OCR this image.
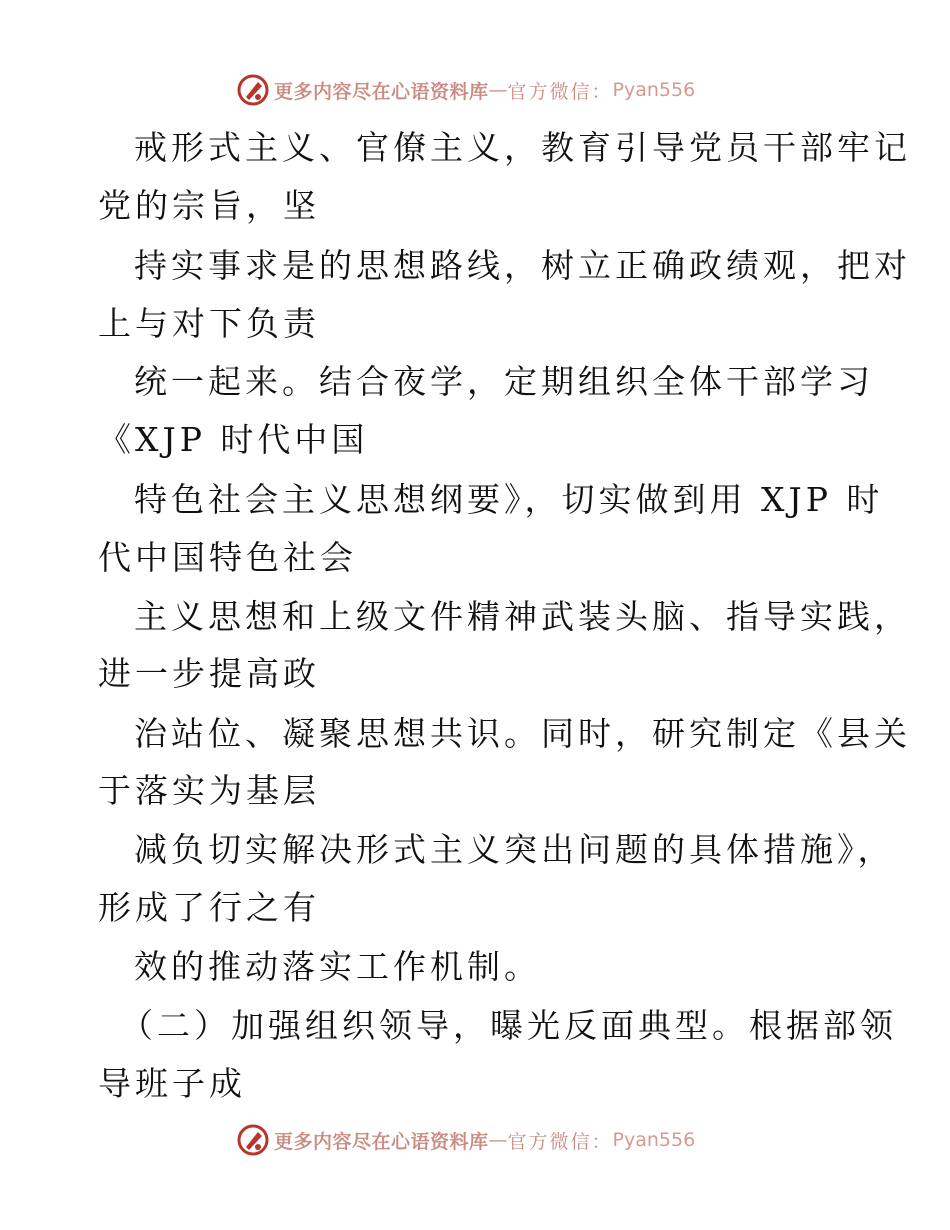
更多内容尽在心语资料库 — 官方微信： Pyan556
戒形式主义、官僚主义，教育引导党员干部牢记
党的宗旨，坚
持实事求是的思想路线，树立正确政绩观，把对
上与对下负责
统一起来。结合夜学，定期组织全体干部学习
《XJP 时代中国
特色社会主义思想纲要》，切实做到用 XJP 时
代中国特色社会
主义思想和上级文件精神武装头脑、指导实践，
进一步提高政
治站位、凝聚思想共识。同时，研究制定《县关
于落实为基层
减负切实解决形式主义突出问题的具体措施》，
形成了行之有
效的推动落实工作机制。
（二）加强组织领导，曝光反面典型。根据部领
导班子成
更多内容尽在心语资料库 — 官方微信： Pyan556
